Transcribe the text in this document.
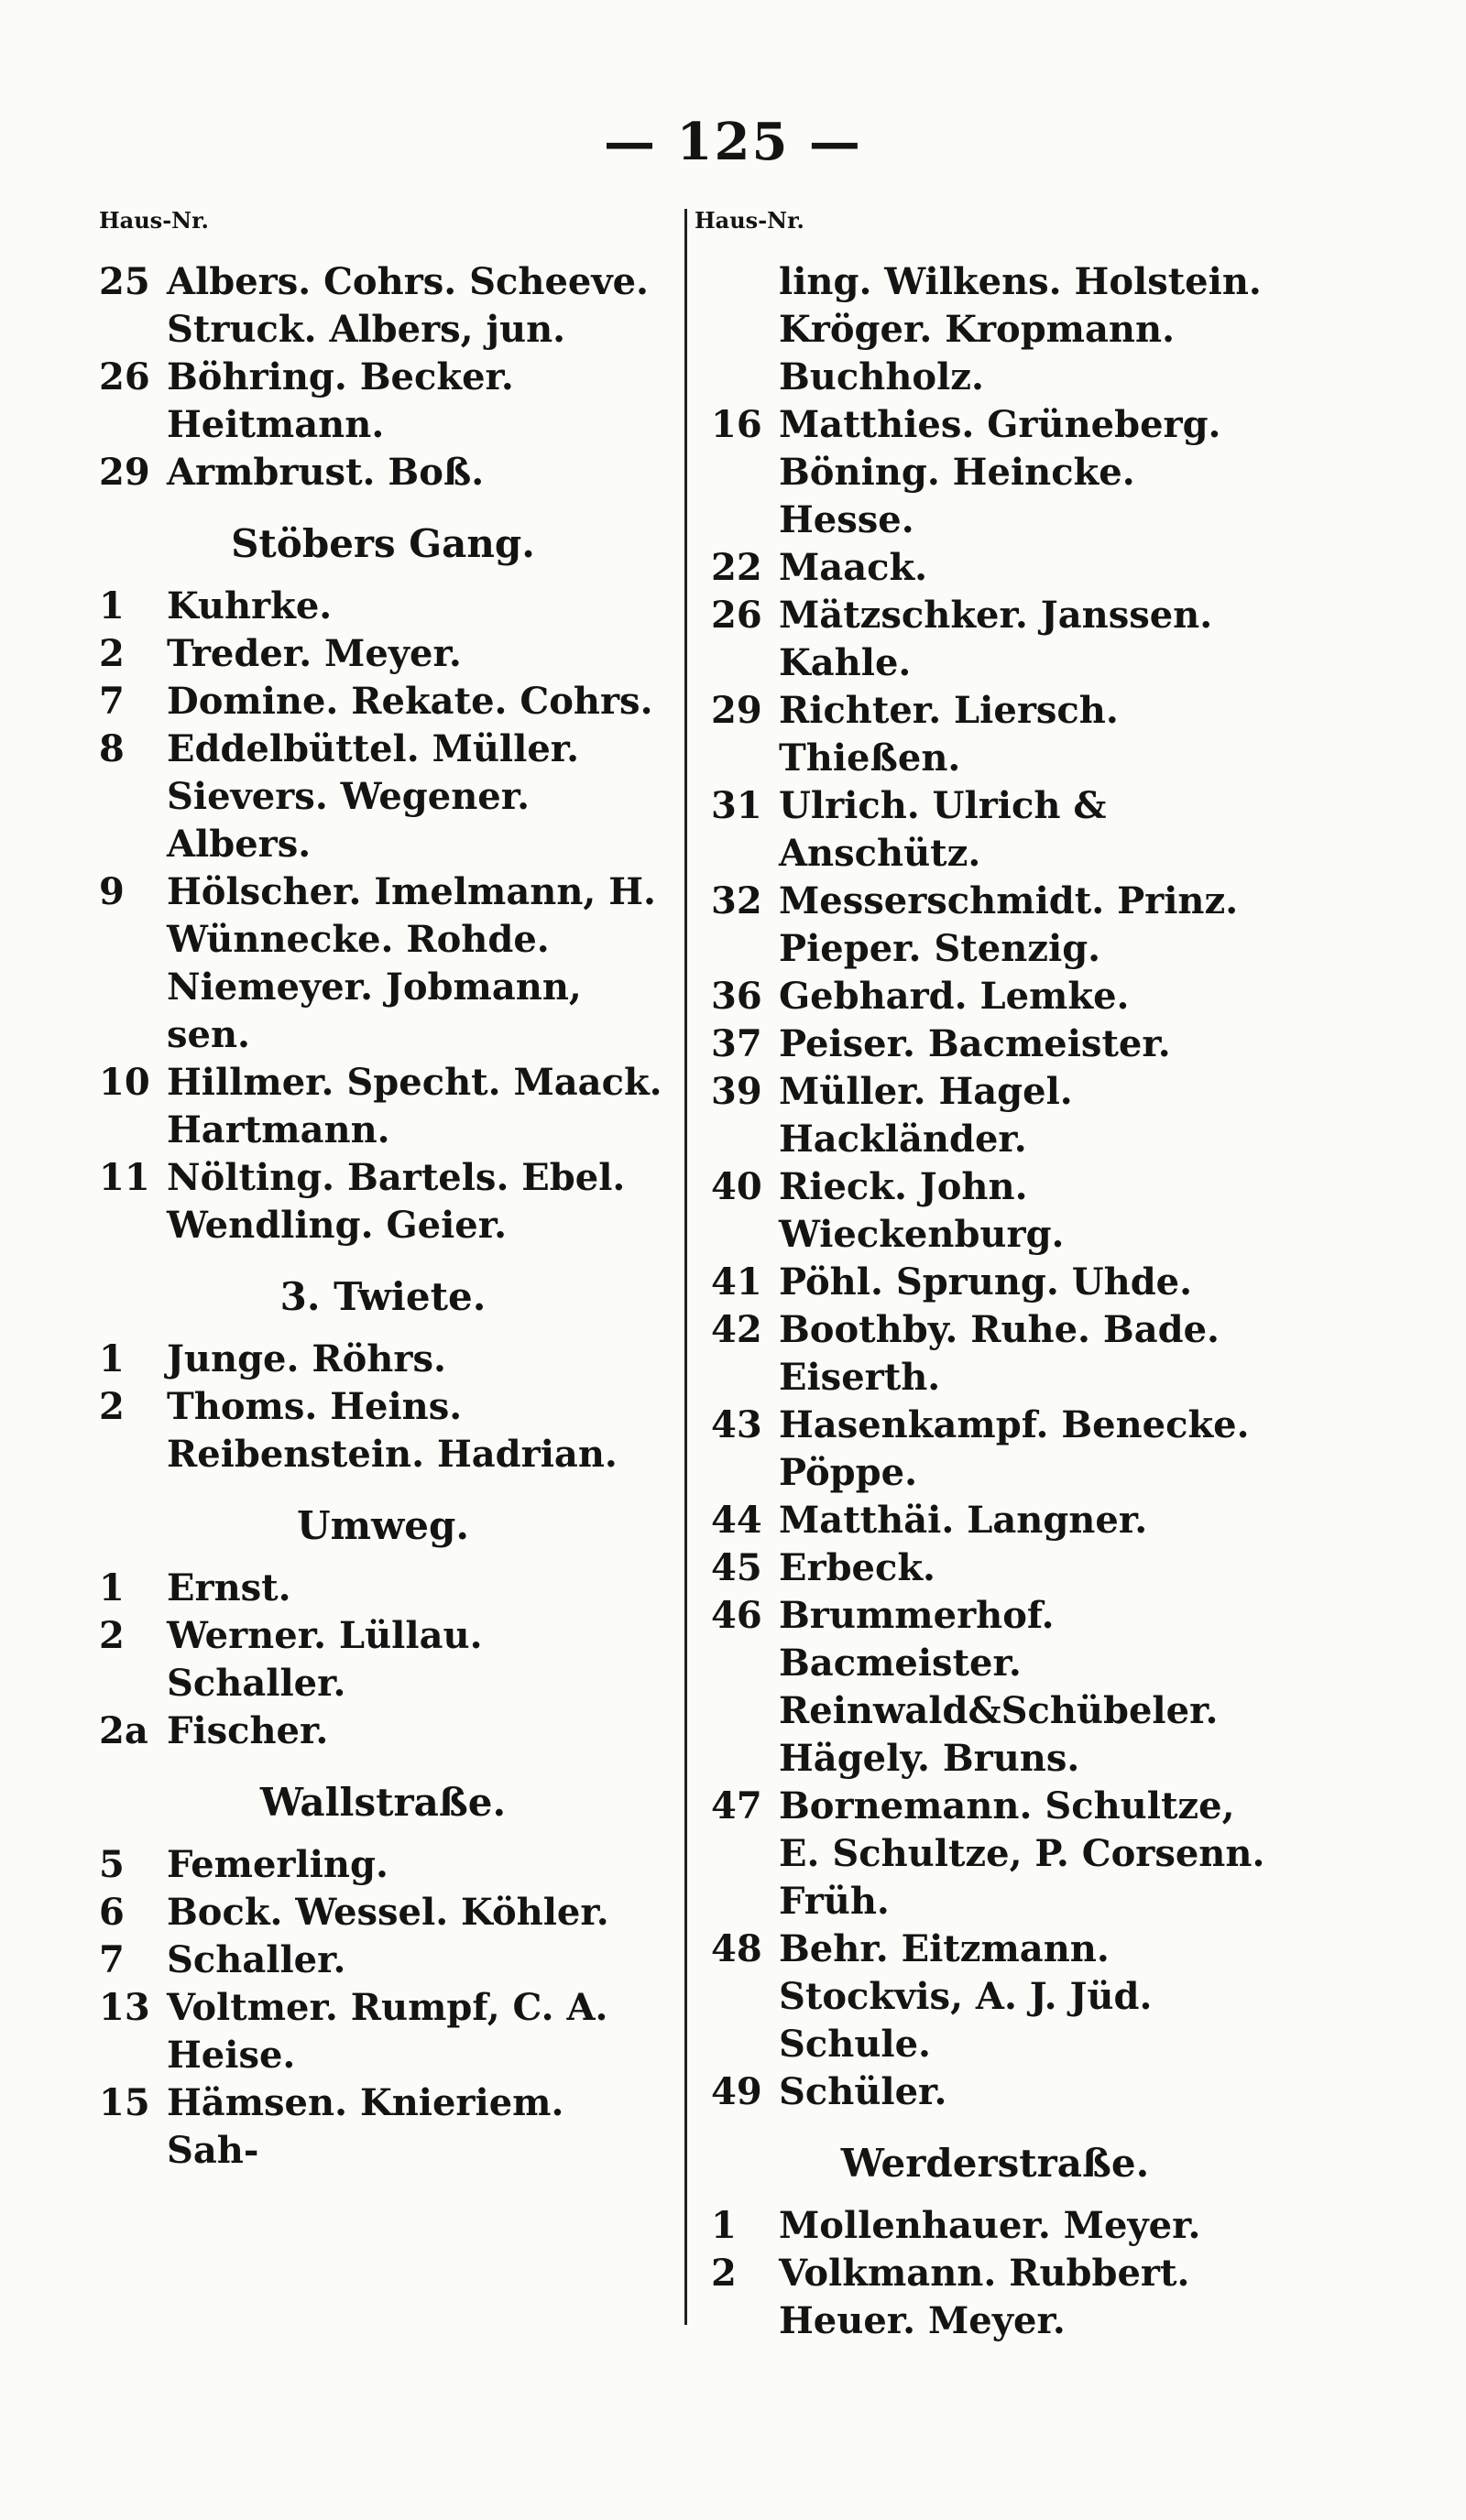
— 125 —
Haus-Nr.
25 Albers. Cohrs. Scheeve. Struck. Albers, jun.
26 Böhring. Becker. Heitmann.
29 Armbrust. Boß.
Stöbers Gang.
1	Kuhrke.
2	Treder. Meyer.
7	Domine. Rekate. Cohrs.
8	Eddelbüttel. Müller. Sievers. Wegener. Albers.
9	Hölscher. Imelmann, H. Wünnecke. Rohde. Niemeyer. Jobmann, sen.
10 Hillmer. Specht. Maack. Hartmann.
11 Nölting. Bartels. Ebel. Wendling. Geier.
3. Twiete.
1	Junge. Röhrs.
2	Thoms. Heins. Reibenstein. Hadrian.
Umweg.
1	Ernst.
2	Werner. Lüllau. Schaller.
2a Fischer.
Wallstraße.
5	Femerling.
6	Bock. Wessel. Köhler.
7	Schaller.
13 Voltmer. Rumpf, C. A. Heise.
15 Hämsen. Knieriem. Sah-
Haus-Nr.
ling. Wilkens. Holstein. Kröger. Kropmann. Buchholz.
16 Matthies. Grüneberg. Böning. Heincke. Hesse.
22 Maack.
26 Mätzschker. Janssen. Kahle.
29 Richter. Liersch. Thießen.
31 Ulrich. Ulrich & Anschütz.
32 Messerschmidt. Prinz. Pieper. Stenzig.
36 Gebhard. Lemke.
37 Peiser. Bacmeister.
39 Müller. Hagel. Hackländer.
40 Rieck. John. Wieckenburg.
41 Pöhl. Sprung. Uhde.
42 Boothby. Ruhe. Bade. Eiserth.
43 Hasenkampf. Benecke. Pöppe.
44 Matthäi. Langner.
45 Erbeck.
46 Brummerhof. Bacmeister. Reinwald&Schübeler. Hägely. Bruns.
47 Bornemann. Schultze, E. Schultze, P. Corsenn. Früh.
48 Behr. Eitzmann. Stockvis, A. J. Jüd. Schule.
49 Schüler.
Werderstraße.
1	Mollenhauer. Meyer.
2	Volkmann. Rubbert. Heuer. Meyer.
